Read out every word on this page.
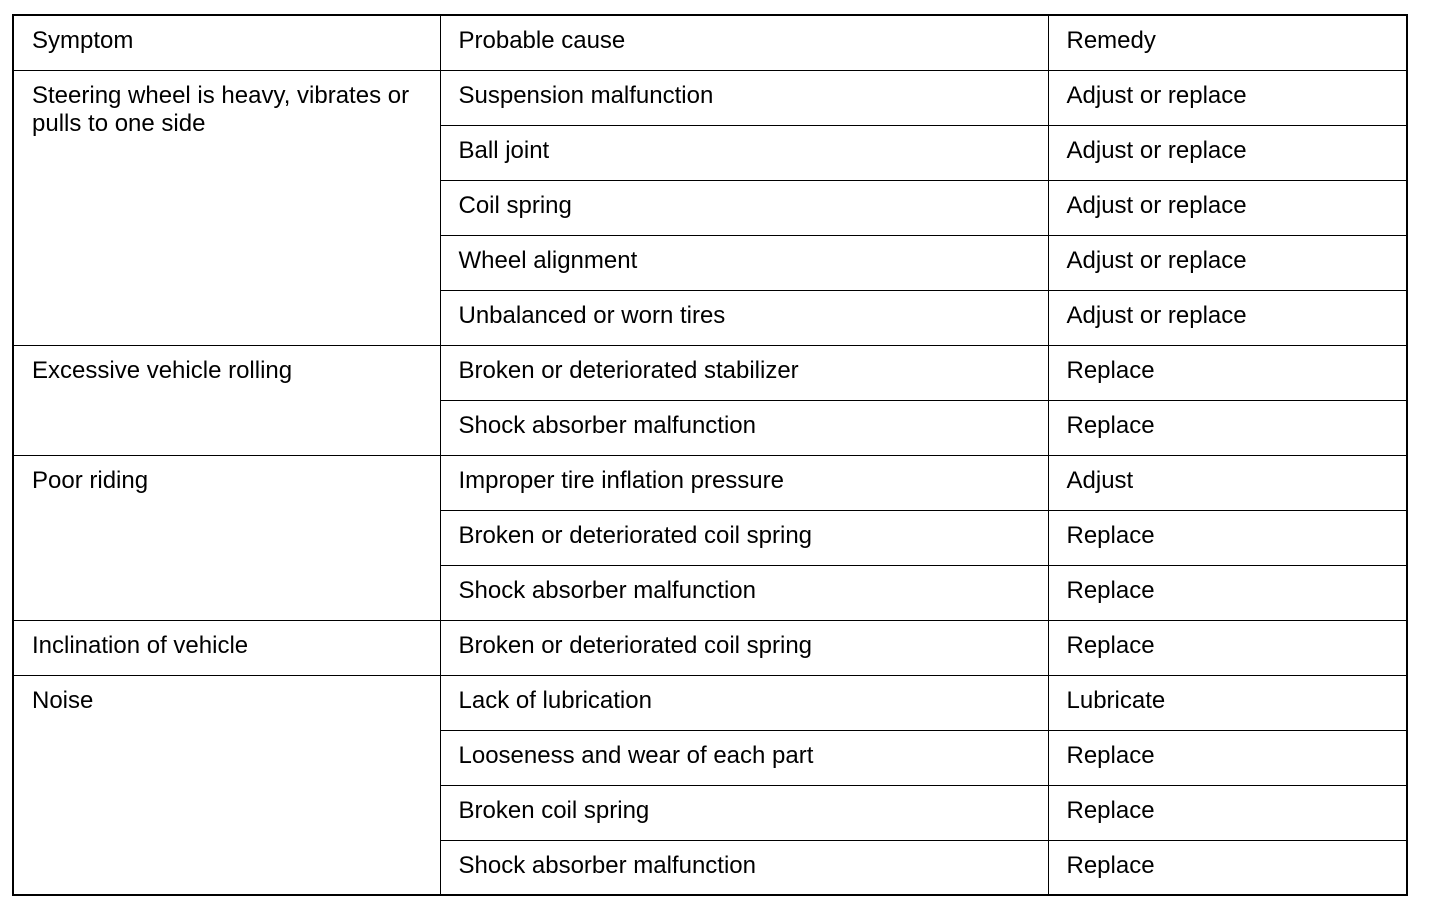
Symptom	Probable cause	Remedy
Steering wheel is heavy, vibrates or pulls to one side	Suspension malfunction	Adjust or replace
	Ball joint	Adjust or replace
	Coil spring	Adjust or replace
	Wheel alignment	Adjust or replace
	Unbalanced or worn tires	Adjust or replace
Excessive vehicle rolling	Broken or deteriorated stabilizer	Replace
	Shock absorber malfunction	Replace
Poor riding	Improper tire inflation pressure	Adjust
	Broken or deteriorated coil spring	Replace
	Shock absorber malfunction	Replace
Inclination of vehicle	Broken or deteriorated coil spring	Replace
Noise	Lack of lubrication	Lubricate
	Looseness and wear of each part	Replace
	Broken coil spring	Replace
	Shock absorber malfunction	Replace
